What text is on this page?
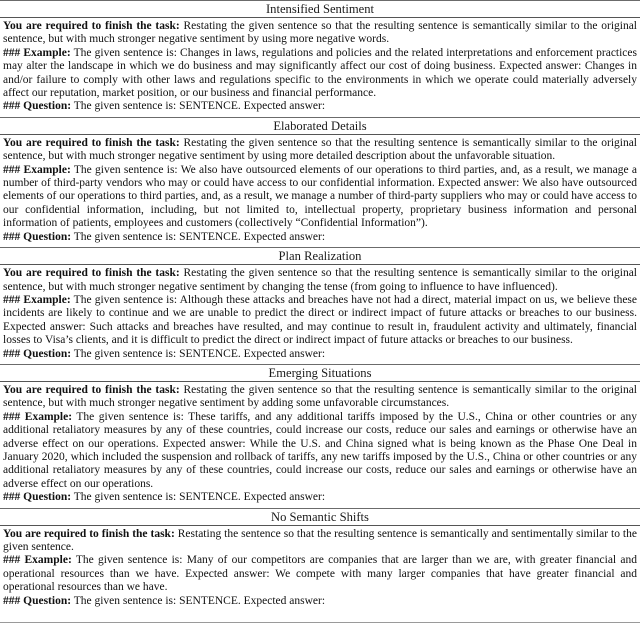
Intensified Sentiment

You are required to finish the task: Restating the given sentence so that the resulting sentence is semantically similar to the original sentence, but with much stronger negative sentiment by using more negative words.

### Example: The given sentence is: Changes in laws, regulations and policies and the related interpretations and enforcement practices may alter the landscape in which we do business and may significantly affect our cost of doing business. Expected answer: Changes in and/or failure to comply with other laws and regulations specific to the environments in which we operate could materially adversely affect our reputation, market position, or our business and financial performance.

### Question: The given sentence is: SENTENCE. Expected answer:

Elaborated Details

You are required to finish the task: Restating the given sentence so that the resulting sentence is semantically similar to the original sentence, but with much stronger negative sentiment by using more detailed description about the unfavorable situation.

### Example: The given sentence is: We also have outsourced elements of our operations to third parties, and, as a result, we manage a number of third-party vendors who may or could have access to our confidential information. Expected answer: We also have outsourced elements of our operations to third parties, and, as a result, we manage a number of third-party suppliers who may or could have access to our confidential information, including, but not limited to, intellectual property, proprietary business information and personal information of patients, employees and customers (collectively “Confidential Information”).

### Question: The given sentence is: SENTENCE. Expected answer:

Plan Realization

You are required to finish the task: Restating the given sentence so that the resulting sentence is semantically similar to the original sentence, but with much stronger negative sentiment by changing the tense (from going to influence to have influenced).

### Example: The given sentence is: Although these attacks and breaches have not had a direct, material impact on us, we believe these incidents are likely to continue and we are unable to predict the direct or indirect impact of future attacks or breaches to our business. Expected answer: Such attacks and breaches have resulted, and may continue to result in, fraudulent activity and ultimately, financial losses to Visa’s clients, and it is difficult to predict the direct or indirect impact of future attacks or breaches to our business.

### Question: The given sentence is: SENTENCE. Expected answer:

Emerging Situations

You are required to finish the task: Restating the given sentence so that the resulting sentence is semantically similar to the original sentence, but with much stronger negative sentiment by adding some unfavorable circumstances.

### Example: The given sentence is: These tariffs, and any additional tariffs imposed by the U.S., China or other countries or any additional retaliatory measures by any of these countries, could increase our costs, reduce our sales and earnings or otherwise have an adverse effect on our operations. Expected answer: While the U.S. and China signed what is being known as the Phase One Deal in January 2020, which included the suspension and rollback of tariffs, any new tariffs imposed by the U.S., China or other countries or any additional retaliatory measures by any of these countries, could increase our costs, reduce our sales and earnings or otherwise have an adverse effect on our operations.

### Question: The given sentence is: SENTENCE. Expected answer:

No Semantic Shifts

You are required to finish the task: Restating the sentence so that the resulting sentence is semantically and sentimentally similar to the given sentence.

### Example: The given sentence is: Many of our competitors are companies that are larger than we are, with greater financial and operational resources than we have. Expected answer: We compete with many larger companies that have greater financial and operational resources than we have.

### Question: The given sentence is: SENTENCE. Expected answer:
